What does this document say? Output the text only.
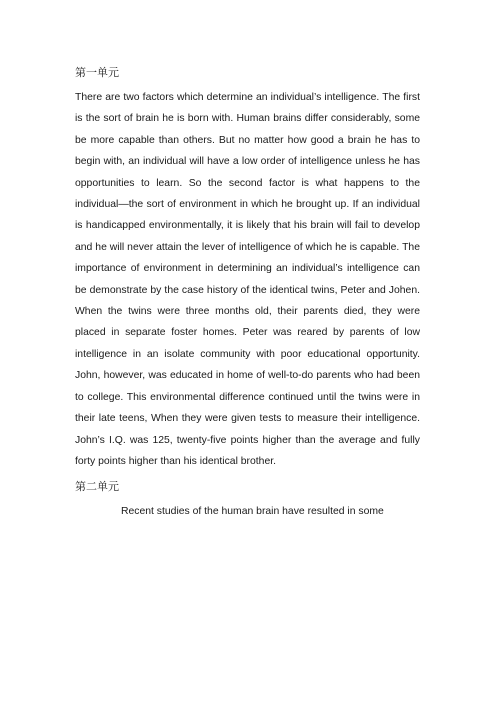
第一单元

There are two factors which determine an individual’s intelligence. The first is the sort of brain he is born with. Human brains differ considerably, some be more capable than others. But no matter how good a brain he has to begin with, an individual will have a low order of intelligence unless he has opportunities to learn. So the second factor is what happens to the individual—the sort of environment in which he brought up. If an individual is handicapped environmentally, it is likely that his brain will fail to develop and he will never attain the lever of intelligence of which he is capable. The importance of environment in determining an individual’s intelligence can be demonstrate by the case history of the identical twins, Peter and Johen. When the twins were three months old, their parents died, they were placed in separate foster homes. Peter was reared by parents of low intelligence in an isolate community with poor educational opportunity. John, however, was educated in home of well-to-do parents who had been to college. This environmental difference continued until the twins were in their late teens, When they were given tests to measure their intelligence. John’s I.Q. was 125, twenty-five points higher than the average and fully forty points higher than his identical brother.

第二单元

Recent studies of the human brain have resulted in some
